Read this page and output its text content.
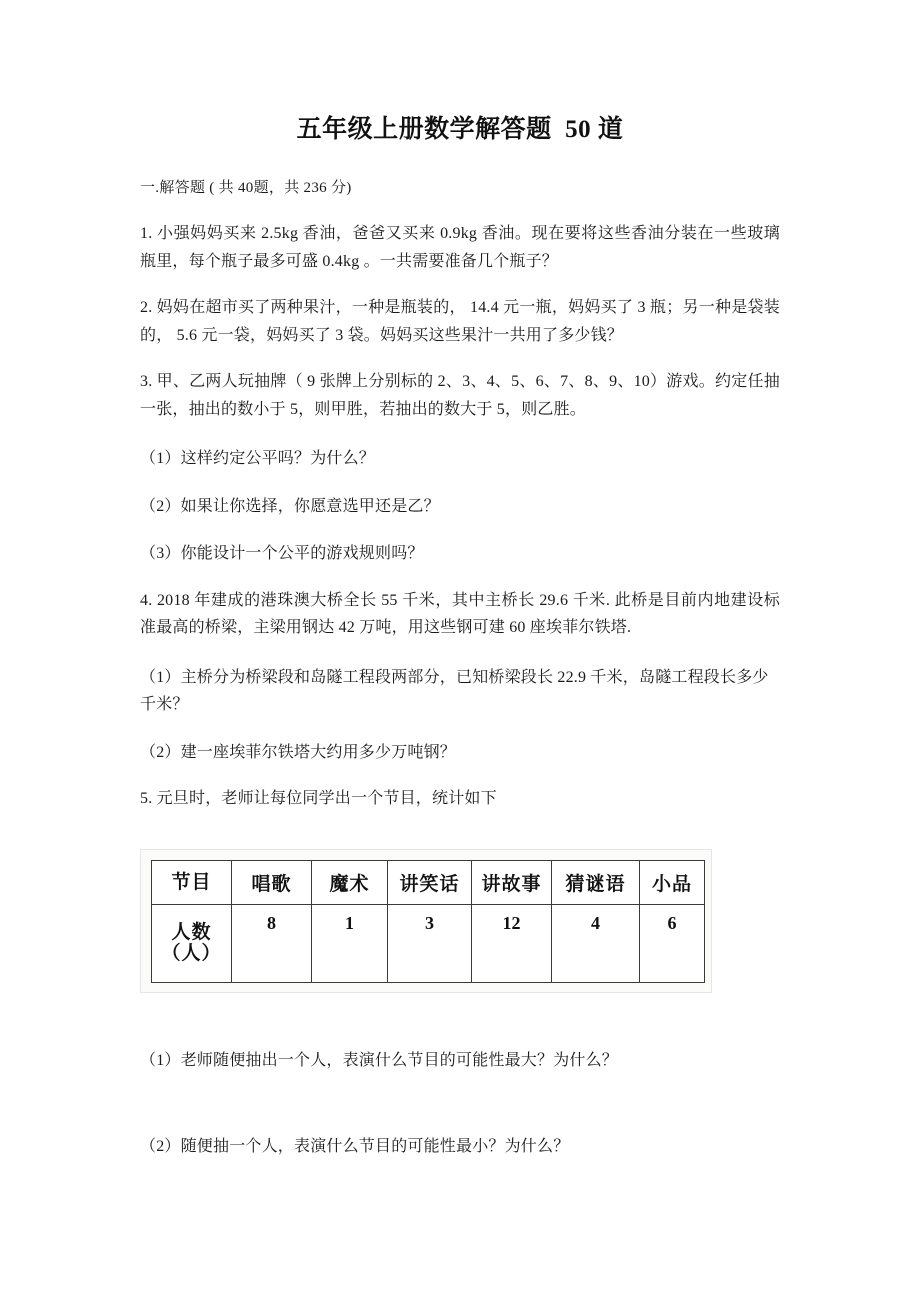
五年级上册数学解答题  50 道

一.解答题 ( 共 40题，共 236 分)

1. 小强妈妈买来 2.5kg 香油，爸爸又买来 0.9kg 香油。现在要将这些香油分装在一些玻璃瓶里，每个瓶子最多可盛 0.4kg 。一共需要准备几个瓶子？

2. 妈妈在超市买了两种果汁，一种是瓶装的， 14.4 元一瓶，妈妈买了 3 瓶；另一种是袋装的， 5.6 元一袋，妈妈买了 3 袋。妈妈买这些果汁一共用了多少钱？

3. 甲、乙两人玩抽牌（ 9 张牌上分别标的 2、3、4、5、6、7、8、9、10）游戏。约定任抽一张，抽出的数小于 5，则甲胜，若抽出的数大于 5，则乙胜。

（1）这样约定公平吗？为什么？

（2）如果让你选择，你愿意选甲还是乙？

（3）你能设计一个公平的游戏规则吗？

4. 2018 年建成的港珠澳大桥全长 55 千米，其中主桥长 29.6 千米. 此桥是目前内地建设标准最高的桥梁，主梁用钢达 42 万吨，用这些钢可建 60 座埃菲尔铁塔.

（1）主桥分为桥梁段和岛隧工程段两部分，已知桥梁段长 22.9 千米，岛隧工程段长多少千米？

（2）建一座埃菲尔铁塔大约用多少万吨钢？

5. 元旦时，老师让每位同学出一个节目，统计如下

节目	唱歌	魔术	讲笑话	讲故事	猜谜语	小品

人数
（人）	8	1	3	12	4	6

（1）老师随便抽出一个人，表演什么节目的可能性最大？为什么？

（2）随便抽一个人，表演什么节目的可能性最小？为什么？
